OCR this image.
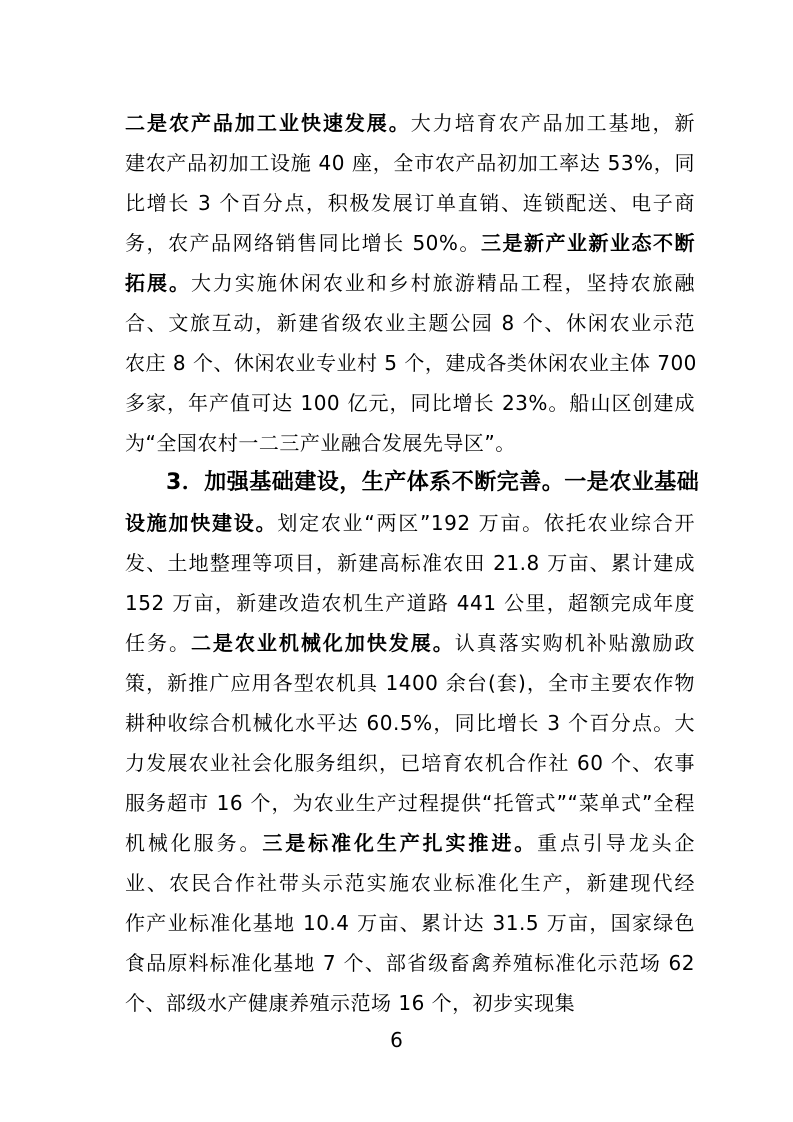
二是农产品加工业快速发展。大力培育农产品加工基地，新
建农产品初加工设施 40 座，全市农产品初加工率达 53%，同
比增长 3 个百分点，积极发展订单直销、连锁配送、电子商
务，农产品网络销售同比增长 50%。三是新产业新业态不断
拓展。大力实施休闲农业和乡村旅游精品工程，坚持农旅融
合、文旅互动，新建省级农业主题公园 8 个、休闲农业示范
农庄 8 个、休闲农业专业村 5 个，建成各类休闲农业主体 700
多家，年产值可达 100 亿元，同比增长 23%。船山区创建成
为“全国农村一二三产业融合发展先导区”。
3．加强基础建设，生产体系不断完善。一是农业基础
设施加快建设。划定农业“两区”192 万亩。依托农业综合开
发、土地整理等项目，新建高标准农田 21.8 万亩、累计建成
152 万亩，新建改造农机生产道路 441 公里，超额完成年度
任务。二是农业机械化加快发展。认真落实购机补贴激励政
策，新推广应用各型农机具 1400 余台(套)，全市主要农作物
耕种收综合机械化水平达 60.5%，同比增长 3 个百分点。大
力发展农业社会化服务组织，已培育农机合作社 60 个、农事
服务超市 16 个，为农业生产过程提供“托管式”“菜单式”全程
机械化服务。三是标准化生产扎实推进。重点引导龙头企
业、农民合作社带头示范实施农业标准化生产，新建现代经
作产业标准化基地 10.4 万亩、累计达 31.5 万亩，国家绿色
食品原料标准化基地 7 个、部省级畜禽养殖标准化示范场 62
个、部级水产健康养殖示范场 16 个，初步实现集
6
